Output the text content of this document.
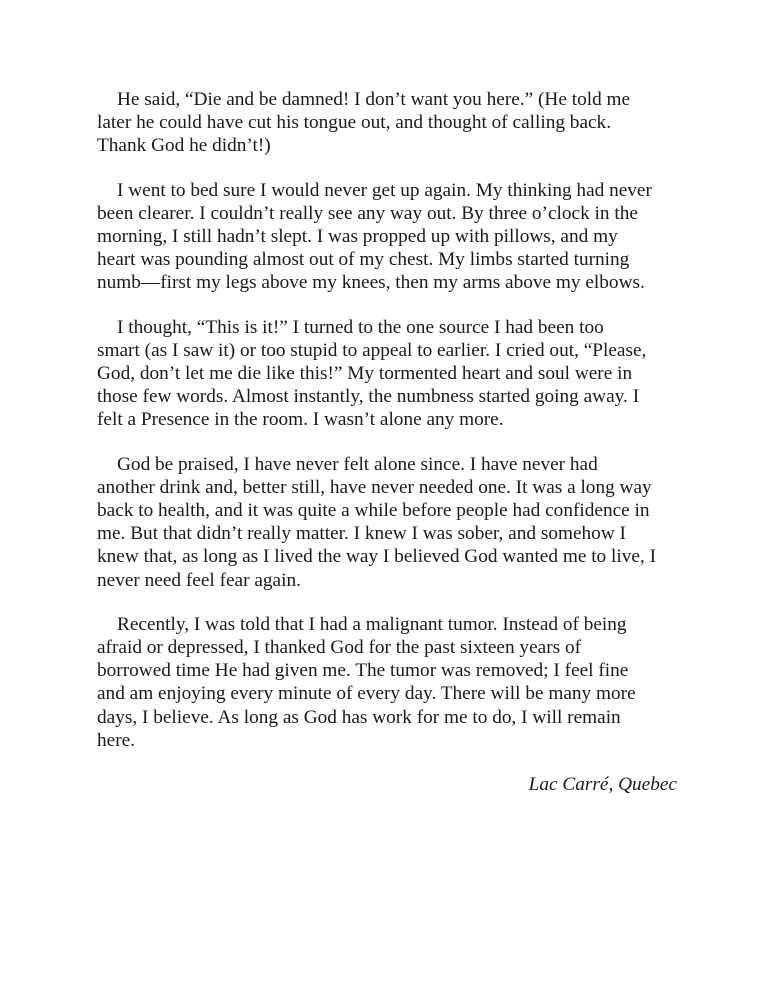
He said, “Die and be damned! I don’t want you here.” (He told me
later he could have cut his tongue out, and thought of calling back.
Thank God he didn’t!)

I went to bed sure I would never get up again. My thinking had never
been clearer. I couldn’t really see any way out. By three o’clock in the
morning, I still hadn’t slept. I was propped up with pillows, and my
heart was pounding almost out of my chest. My limbs started turning
numb—first my legs above my knees, then my arms above my elbows.

I thought, “This is it!” I turned to the one source I had been too
smart (as I saw it) or too stupid to appeal to earlier. I cried out, “Please,
God, don’t let me die like this!” My tormented heart and soul were in
those few words. Almost instantly, the numbness started going away. I
felt a Presence in the room. I wasn’t alone any more.

God be praised, I have never felt alone since. I have never had
another drink and, better still, have never needed one. It was a long way
back to health, and it was quite a while before people had confidence in
me. But that didn’t really matter. I knew I was sober, and somehow I
knew that, as long as I lived the way I believed God wanted me to live, I
never need feel fear again.

Recently, I was told that I had a malignant tumor. Instead of being
afraid or depressed, I thanked God for the past sixteen years of
borrowed time He had given me. The tumor was removed; I feel fine
and am enjoying every minute of every day. There will be many more
days, I believe. As long as God has work for me to do, I will remain
here.

Lac Carré, Quebec
